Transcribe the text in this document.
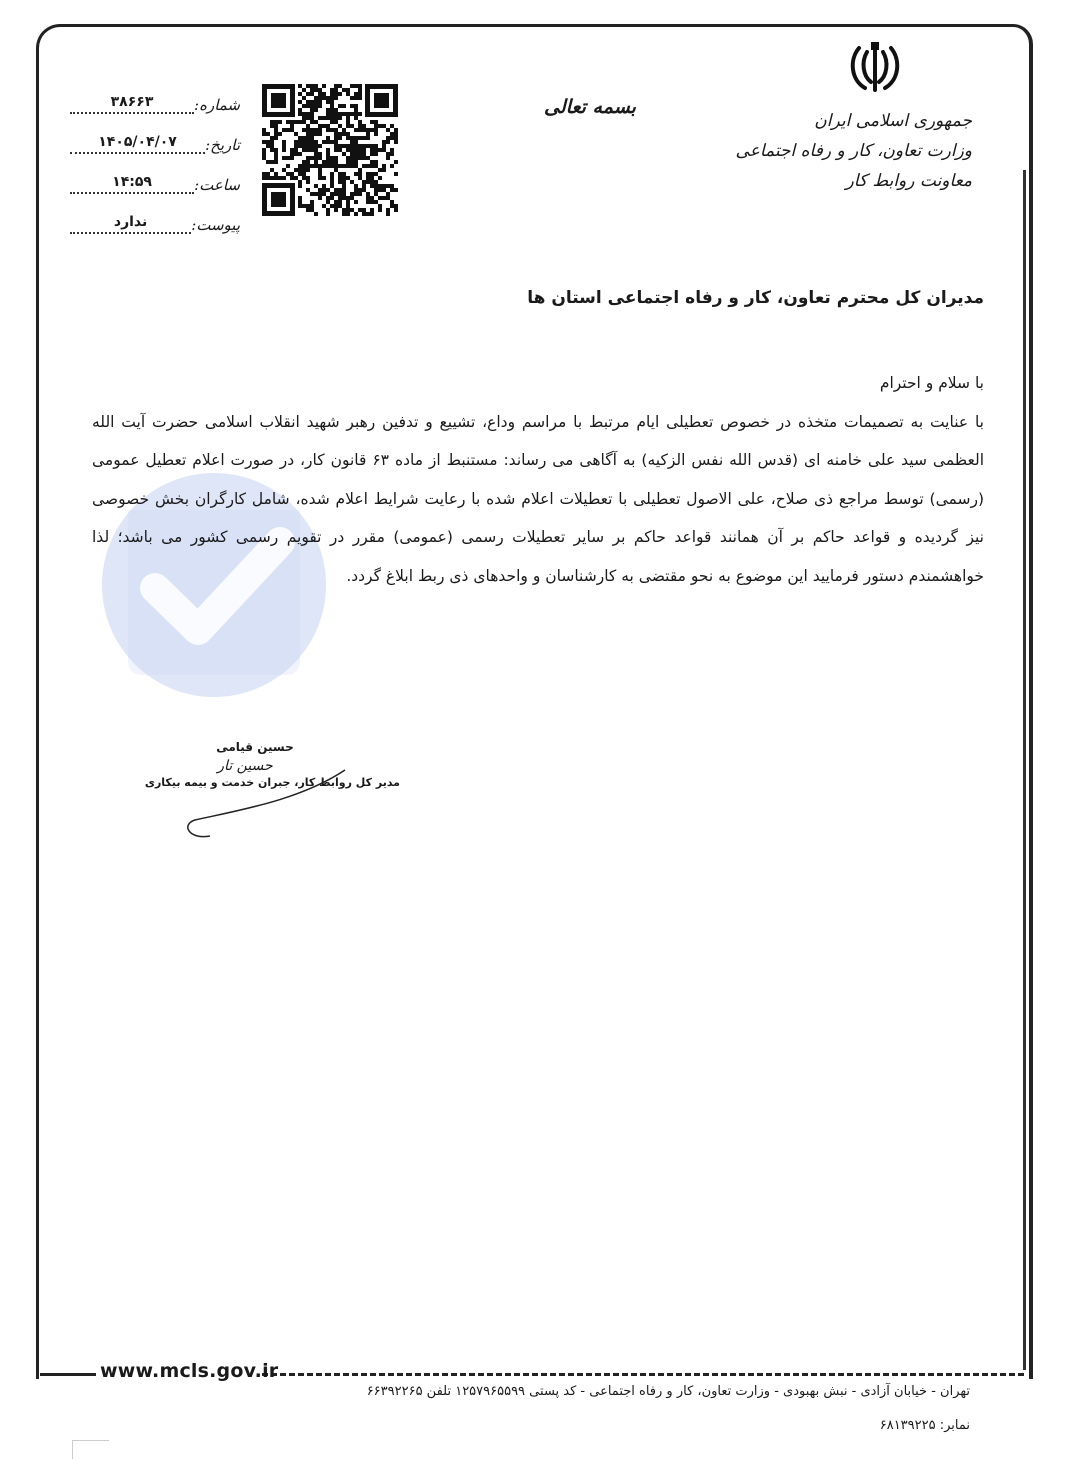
جمهوری اسلامی ایران
وزارت تعاون، کار و رفاه اجتماعی
معاونت روابط کار
بسمه تعالی
شماره:
۳۸۶۶۳
تاریخ:
۱۴۰۵/۰۴/۰۷
ساعت:
۱۴:۵۹
پیوست:
ندارد
مدیران کل محترم تعاون، کار و رفاه اجتماعی استان ها

با سلام و احترام

با عنایت به تصمیمات متخذه در خصوص تعطیلی ایام مرتبط با مراسم وداع، تشییع و تدفین رهبر شهید انقلاب اسلامی حضرت آیت الله العظمی سید علی خامنه ای (قدس الله نفس الزکیه) به آگاهی می رساند: مستنبط از ماده ۶۳ قانون کار، در صورت اعلام تعطیل عمومی (رسمی) توسط مراجع ذی صلاح، علی الاصول تعطیلی با تعطیلات اعلام شده با رعایت شرایط اعلام شده، شامل کارگران بخش خصوصی نیز گردیده و قواعد حاکم بر آن همانند قواعد حاکم بر سایر تعطیلات رسمی (عمومی) مقرر در تقویم رسمی کشور می باشد؛ لذا خواهشمندم دستور فرمایید این موضوع به نحو مقتضی به کارشناسان و واحدهای ذی ربط ابلاغ گردد.

حسین قیامی
حسین تار
مدیر کل روابط کار، جبران خدمت و بیمه بیکاری
www.mcls.gov.ir
تهران - خیابان آزادی - نبش بهبودی - وزارت تعاون، کار و رفاه اجتماعی - کد پستی ۱۲۵۷۹۶۵۵۹۹ تلفن ۶۶۳۹۲۲۶۵
نمابر: ۶۸۱۳۹۲۲۵
